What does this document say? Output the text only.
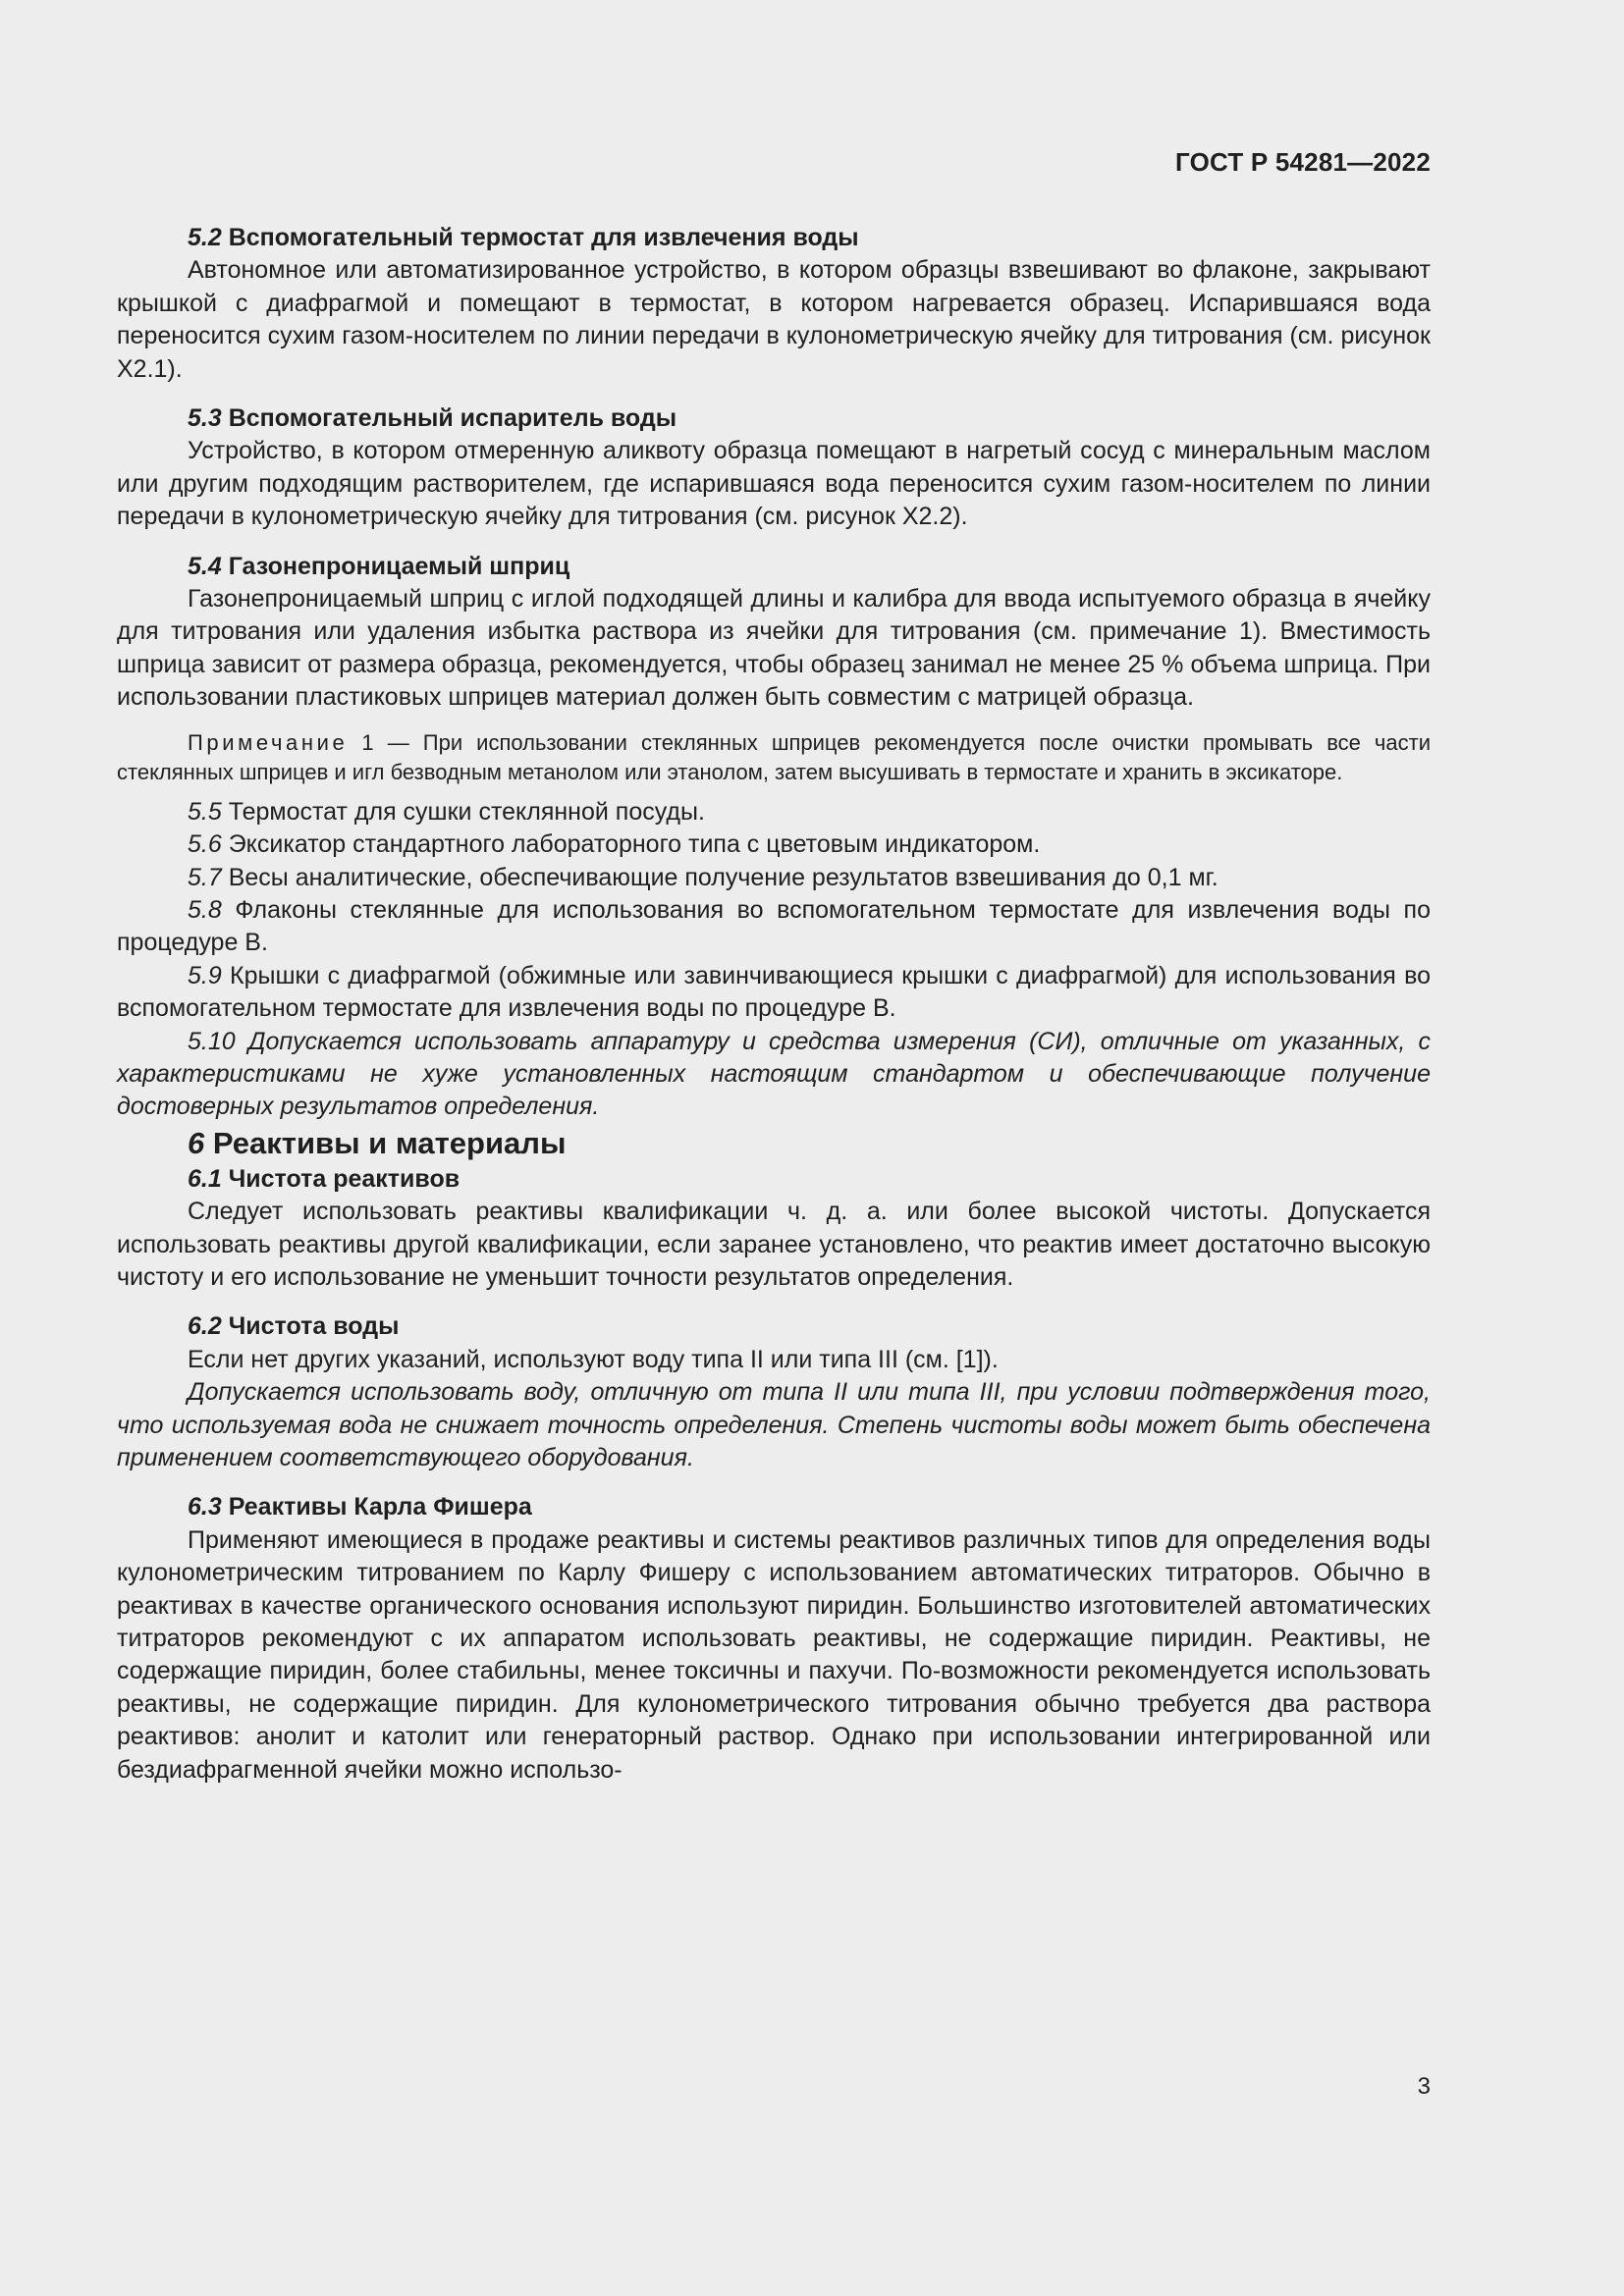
ГОСТ Р 54281—2022

5.2 Вспомогательный термостат для извлечения воды

Автономное или автоматизированное устройство, в котором образцы взвешивают во флаконе, закрывают крышкой с диафрагмой и помещают в термостат, в котором нагревается образец. Испарившаяся вода переносится сухим газом-носителем по линии передачи в кулонометрическую ячейку для титрования (см. рисунок X2.1).

5.3 Вспомогательный испаритель воды

Устройство, в котором отмеренную аликвоту образца помещают в нагретый сосуд с минеральным маслом или другим подходящим растворителем, где испарившаяся вода переносится сухим газом-носителем по линии передачи в кулонометрическую ячейку для титрования (см. рисунок X2.2).

5.4 Газонепроницаемый шприц

Газонепроницаемый шприц с иглой подходящей длины и калибра для ввода испытуемого образца в ячейку для титрования или удаления избытка раствора из ячейки для титрования (см. примечание 1). Вместимость шприца зависит от размера образца, рекомендуется, чтобы образец занимал не менее 25 % объема шприца. При использовании пластиковых шприцев материал должен быть совместим с матрицей образца.

Примечание 1 — При использовании стеклянных шприцев рекомендуется после очистки промывать все части стеклянных шприцев и игл безводным метанолом или этанолом, затем высушивать в термостате и хранить в эксикаторе.

5.5 Термостат для сушки стеклянной посуды.

5.6 Эксикатор стандартного лабораторного типа с цветовым индикатором.

5.7 Весы аналитические, обеспечивающие получение результатов взвешивания до 0,1 мг.

5.8 Флаконы стеклянные для использования во вспомогательном термостате для извлечения воды по процедуре B.

5.9 Крышки с диафрагмой (обжимные или завинчивающиеся крышки с диафрагмой) для использования во вспомогательном термостате для извлечения воды по процедуре B.

5.10 Допускается использовать аппаратуру и средства измерения (СИ), отличные от указанных, с характеристиками не хуже установленных настоящим стандартом и обеспечивающие получение достоверных результатов определения.

6 Реактивы и материалы

6.1 Чистота реактивов

Следует использовать реактивы квалификации ч. д. а. или более высокой чистоты. Допускается использовать реактивы другой квалификации, если заранее установлено, что реактив имеет достаточно высокую чистоту и его использование не уменьшит точности результатов определения.

6.2 Чистота воды

Если нет других указаний, используют воду типа II или типа III (см. [1]).

Допускается использовать воду, отличную от типа II или типа III, при условии подтверждения того, что используемая вода не снижает точность определения. Степень чистоты воды может быть обеспечена применением соответствующего оборудования.

6.3 Реактивы Карла Фишера

Применяют имеющиеся в продаже реактивы и системы реактивов различных типов для определения воды кулонометрическим титрованием по Карлу Фишеру с использованием автоматических титраторов. Обычно в реактивах в качестве органического основания используют пиридин. Большинство изготовителей автоматических титраторов рекомендуют с их аппаратом использовать реактивы, не содержащие пиридин. Реактивы, не содержащие пиридин, более стабильны, менее токсичны и пахучи. По-возможности рекомендуется использовать реактивы, не содержащие пиридин. Для кулонометрического титрования обычно требуется два раствора реактивов: анолит и католит или генераторный раствор. Однако при использовании интегрированной или бездиафрагменной ячейки можно использо-

3
